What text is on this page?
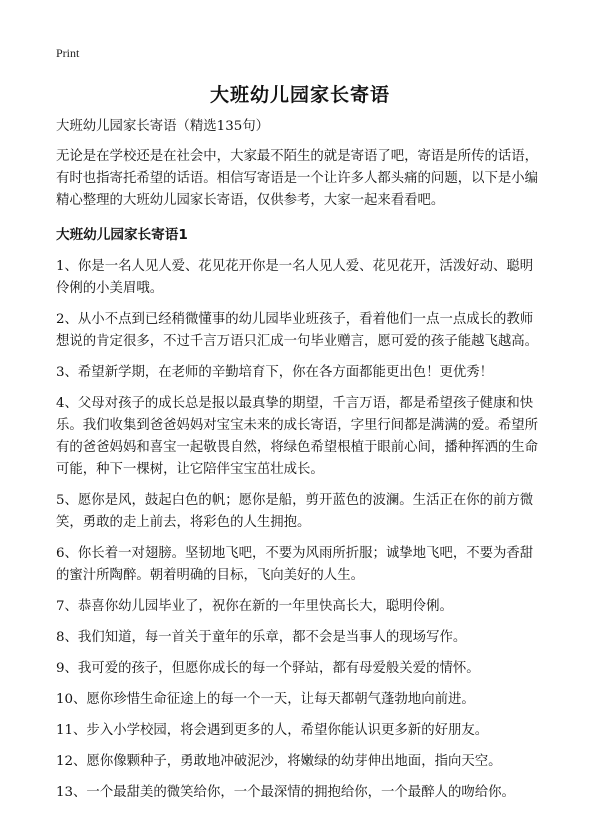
Print
大班幼儿园家长寄语

大班幼儿园家长寄语（精选135句）

无论是在学校还是在社会中，大家最不陌生的就是寄语了吧，寄语是所传的话语，有时也指寄托希望的话语。相信写寄语是一个让许多人都头痛的问题，以下是小编精心整理的大班幼儿园家长寄语，仅供参考，大家一起来看看吧。

大班幼儿园家长寄语1

1、你是一名人见人爱、花见花开你是一名人见人爱、花见花开，活泼好动、聪明伶俐的小美眉哦。
2、从小不点到已经稍微懂事的幼儿园毕业班孩子，看着他们一点一点成长的教师想说的肯定很多，不过千言万语只汇成一句毕业赠言，愿可爱的孩子能越飞越高。
3、希望新学期，在老师的辛勤培育下，你在各方面都能更出色！更优秀！
4、父母对孩子的成长总是报以最真挚的期望，千言万语，都是希望孩子健康和快乐。我们收集到爸爸妈妈对宝宝未来的成长寄语，字里行间都是满满的爱。希望所有的爸爸妈妈和喜宝一起敬畏自然，将绿色希望根植于眼前心间，播种挥洒的生命可能，种下一棵树，让它陪伴宝宝茁壮成长。
5、愿你是风，鼓起白色的帆；愿你是船，剪开蓝色的波澜。生活正在你的前方微笑，勇敢的走上前去，将彩色的人生拥抱。
6、你长着一对翅膀。坚韧地飞吧，不要为风雨所折服；诚挚地飞吧，不要为香甜的蜜汁所陶醉。朝着明确的目标，飞向美好的人生。
7、恭喜你幼儿园毕业了，祝你在新的一年里快高长大，聪明伶俐。
8、我们知道，每一首关于童年的乐章，都不会是当事人的现场写作。
9、我可爱的孩子，但愿你成长的每一个驿站，都有母爱般关爱的情怀。
10、愿你珍惜生命征途上的每一个一天，让每天都朝气蓬勃地向前进。
11、步入小学校园，将会遇到更多的人，希望你能认识更多新的好朋友。
12、愿你像颗种子，勇敢地冲破泥沙，将嫩绿的幼芽伸出地面，指向天空。
13、一个最甜美的微笑给你，一个最深情的拥抱给你，一个最醉人的吻给你。
